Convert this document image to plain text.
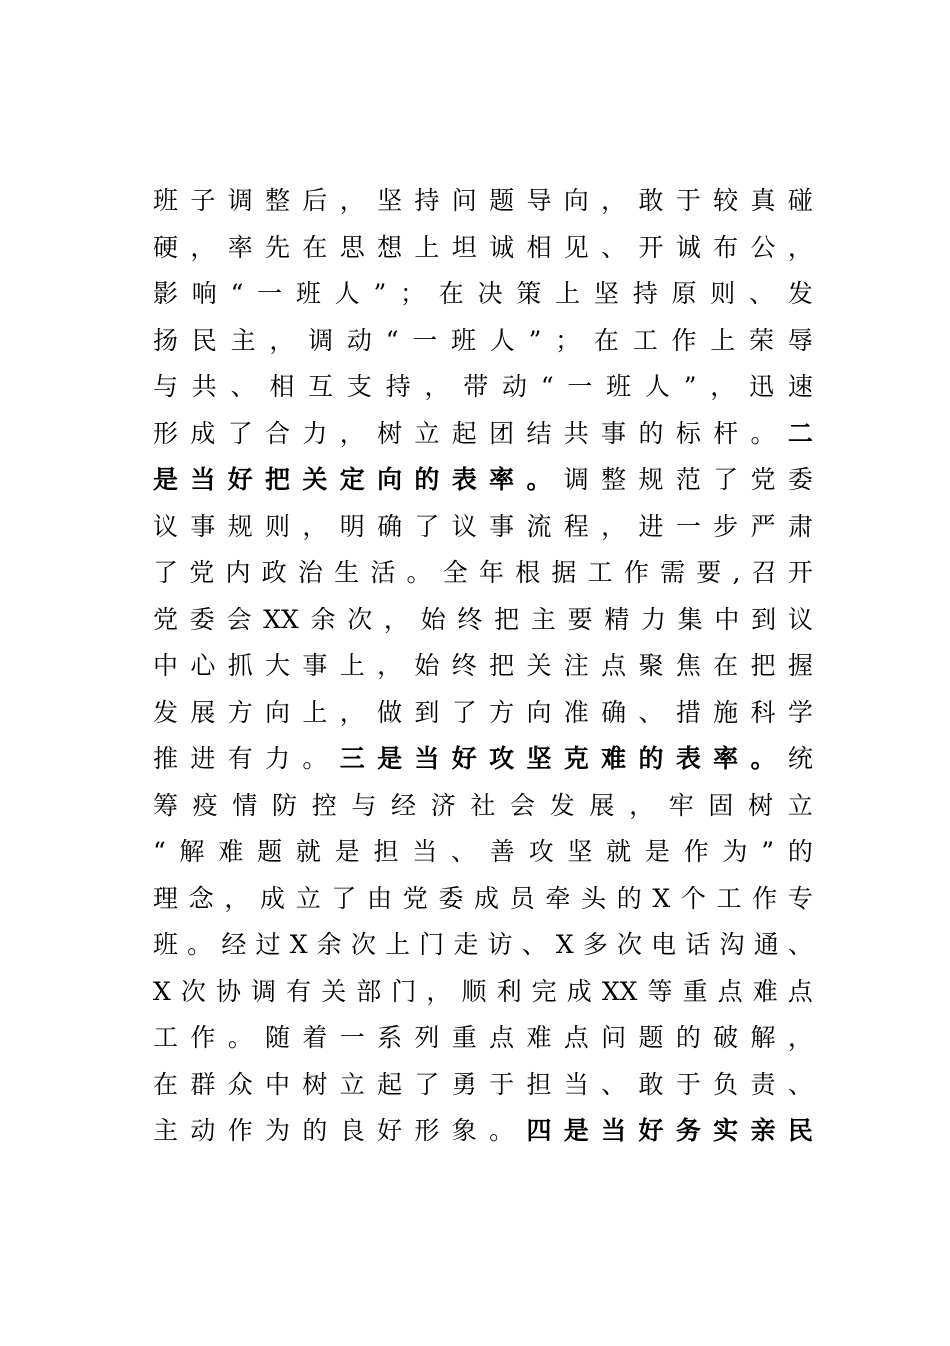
班 子 调 整 后 ， 坚 持 问 题 导 向 ， 敢 于 较 真 碰
硬 ， 率 先 在 思 想 上 坦 诚 相 见 、 开 诚 布 公 ，
影 响 “ 一 班 人 ” ； 在 决 策 上 坚 持 原 则 、 发
扬 民 主 ， 调 动 “ 一 班 人 ” ； 在 工 作 上 荣 辱
与 共 、 相 互 支 持 ， 带 动 “ 一 班 人 ” ， 迅 速
形 成 了 合 力 ， 树 立 起 团 结 共 事 的 标 杆 。 二
是 当 好 把 关 定 向 的 表 率 。 调 整 规 范 了 党 委
议 事 规 则 ， 明 确 了 议 事 流 程 ， 进 一 步 严 肃
了 党 内 政 治 生 活 。 全 年 根 据 工 作 需 要 , 召 开
党 委 会 XX 余 次 ， 始 终 把 主 要 精 力 集 中 到 议
中 心 抓 大 事 上 ， 始 终 把 关 注 点 聚 焦 在 把 握
发 展 方 向 上 ， 做 到 了 方 向 准 确 、 措 施 科 学
推 进 有 力 。 三 是 当 好 攻 坚 克 难 的 表 率 。 统
筹 疫 情 防 控 与 经 济 社 会 发 展 ， 牢 固 树 立
“ 解 难 题 就 是 担 当 、 善 攻 坚 就 是 作 为 ” 的
理 念 ， 成 立 了 由 党 委 成 员 牵 头 的 X 个 工 作 专
班 。 经 过 X 余 次 上 门 走 访 、 X 多 次 电 话 沟 通 、
X 次 协 调 有 关 部 门 ， 顺 利 完 成 XX 等 重 点 难 点
工 作 。 随 着 一 系 列 重 点 难 点 问 题 的 破 解 ，
在 群 众 中 树 立 起 了 勇 于 担 当 、 敢 于 负 责 、
主 动 作 为 的 良 好 形 象 。 四 是 当 好 务 实 亲 民
